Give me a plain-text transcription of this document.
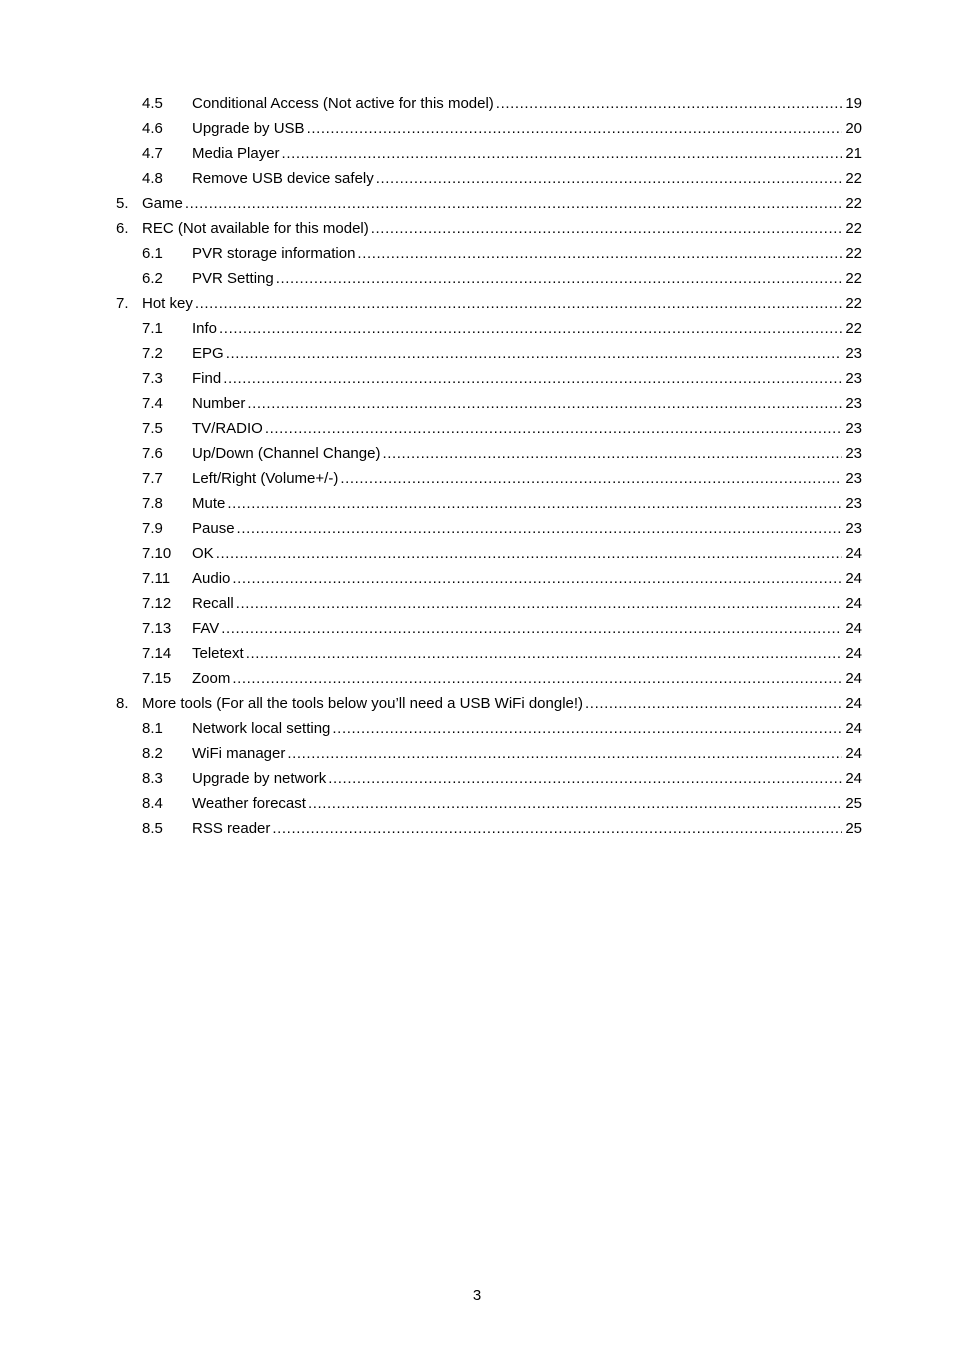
4.5 Conditional Access (Not active for this model) .....	19
4.6 Upgrade by USB .....	20
4.7 Media Player .....	21
4.8 Remove USB device safely .....	22
5. Game .....	22
6. REC (Not available for this model) .....	22
6.1 PVR storage information .....	22
6.2 PVR Setting .....	22
7. Hot key .....	22
7.1 Info .....	22
7.2 EPG .....	23
7.3 Find .....	23
7.4 Number .....	23
7.5 TV/RADIO .....	23
7.6 Up/Down (Channel Change) .....	23
7.7 Left/Right (Volume+/-) .....	23
7.8 Mute .....	23
7.9 Pause .....	23
7.10 OK .....	24
7.11 Audio .....	24
7.12 Recall .....	24
7.13 FAV .....	24
7.14 Teletext .....	24
7.15 Zoom .....	24
8. More tools (For all the tools below you’ll need a USB WiFi dongle!) .....	24
8.1 Network local setting .....	24
8.2 WiFi manager .....	24
8.3 Upgrade by network .....	24
8.4 Weather forecast .....	25
8.5 RSS reader .....	25
3
